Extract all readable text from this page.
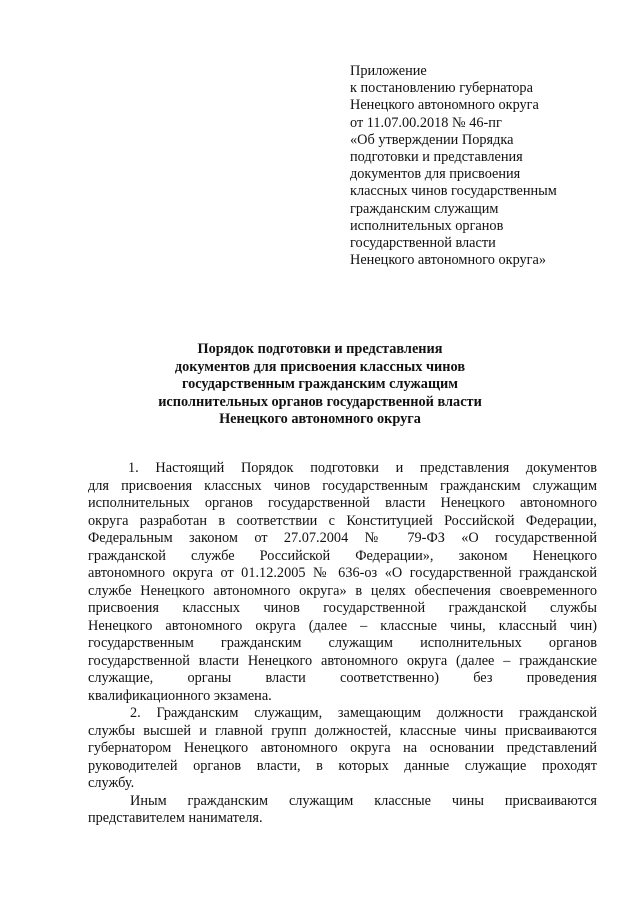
Приложение
к постановлению губернатора
Ненецкого автономного округа
от 11.07.00.2018 № 46-пг
«Об утверждении Порядка
подготовки и представления
документов для присвоения
классных чинов государственным
гражданским служащим
исполнительных органов
государственной власти
Ненецкого автономного округа»
Порядок подготовки и представления
документов для присвоения классных чинов
государственным гражданским служащим
исполнительных органов государственной власти
Ненецкого автономного округа
1. Настоящий Порядок подготовки и представления документов
для присвоения классных чинов государственным гражданским служащим
исполнительных органов государственной власти Ненецкого автономного
округа разработан в соответствии с Конституцией Российской Федерации,
Федеральным законом от 27.07.2004 № 79-ФЗ «О государственной
гражданской службе Российской Федерации», законом Ненецкого
автономного округа от 01.12.2005 № 636-оз «О государственной гражданской
службе Ненецкого автономного округа» в целях обеспечения своевременного
присвоения классных чинов государственной гражданской службы
Ненецкого автономного округа (далее – классные чины, классный чин)
государственным гражданским служащим исполнительных органов
государственной власти Ненецкого автономного округа (далее – гражданские
служащие, органы власти соответственно) без проведения
квалификационного экзамена.
2. Гражданским служащим, замещающим должности гражданской
службы высшей и главной групп должностей, классные чины присваиваются
губернатором Ненецкого автономного округа на основании представлений
руководителей органов власти, в которых данные служащие проходят
службу.
Иным гражданским служащим классные чины присваиваются
представителем нанимателя.
